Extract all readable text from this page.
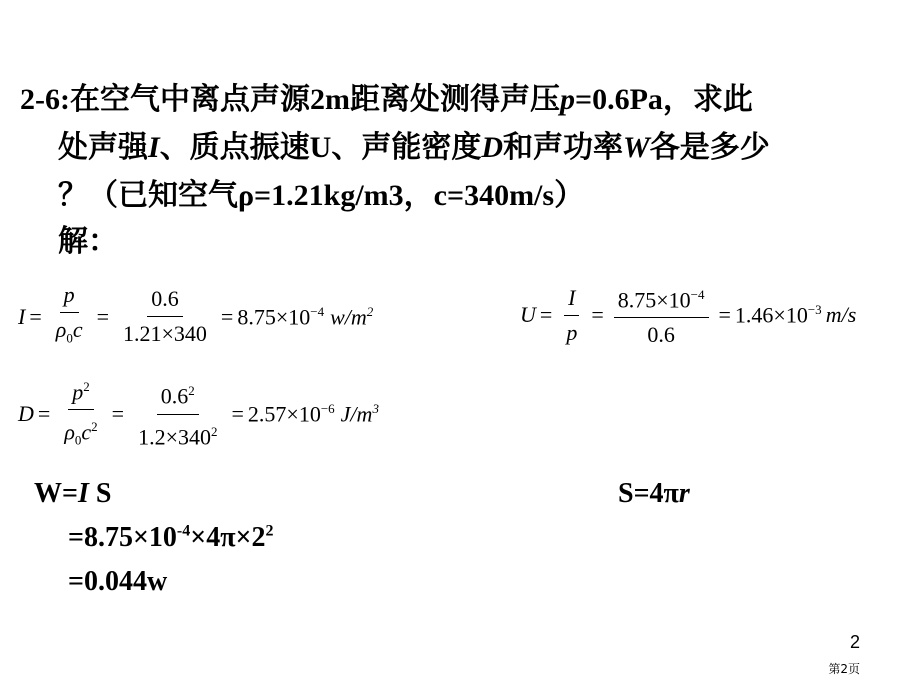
2-6:在空气中离点声源2m距离处测得声压p=0.6Pa，求此
处声强I、质点振速U、声能密度D和声功率W各是多少
？（已知空气ρ=1.21kg/m3，c=340m/s）
解：
$I = \frac{p}{\rho_0c} = \frac{0.6}{1.21\times 340} = 8.75\times 10^{-4}$ $w/m^2$	$U = \frac{I}{p} = \frac{8.75\times 10^{-4}}{0.6} = 1.46\times 10^{-3}$ m/s
$D = \frac{p^2}{\rho_0c^2} = \frac{0.6^2}{1.2\times 340^2} = 2.57\times 10^{-6}$ $J/m^3$
W=I S	S=4πr
$=8.75\times 10^{-4}\times 4\pi\times 2^2$
=0.044w
2
第2页
